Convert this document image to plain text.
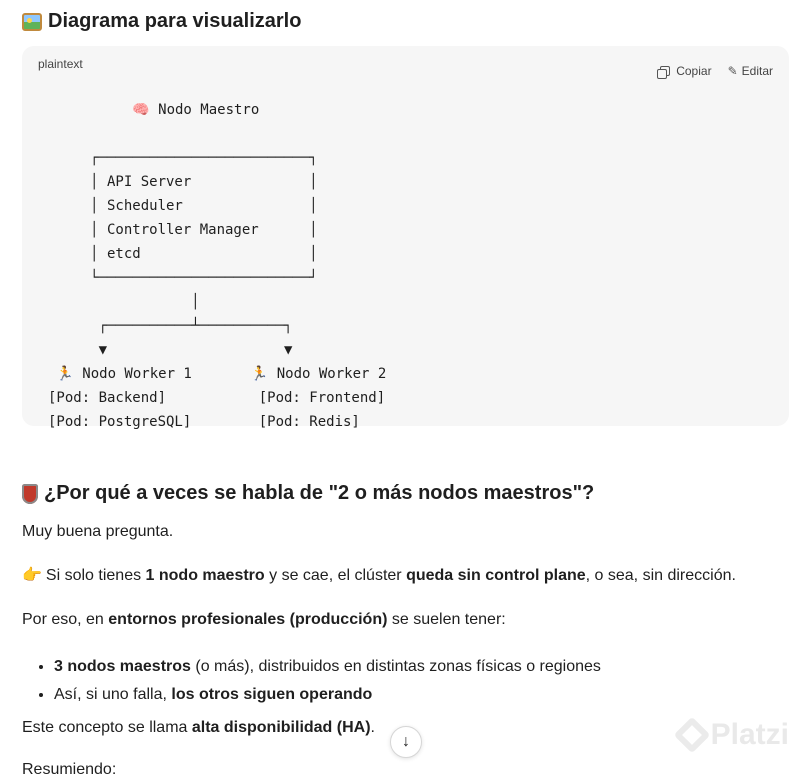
Diagrama para visualizarlo
plaintext	Copiar ✎ Editar
🧠 Nodo Maestro

┌─────────────────────────┐
│ API Server              │
│ Scheduler               │
│ Controller Manager      │
│ etcd                    │
└─────────────────────────┘
│
┌──────────┴──────────┐
▼                     ▼
🏃 Nodo Worker 1       🏃 Nodo Worker 2
[Pod: Backend]           [Pod: Frontend]
[Pod: PostgreSQL]        [Pod: Redis]
¿Por qué a veces se habla de "2 o más nodos maestros"?

Muy buena pregunta.

👉 Si solo tienes 1 nodo maestro y se cae, el clúster queda sin control plane, o sea, sin dirección.

Por eso, en entornos profesionales (producción) se suelen tener:

• 3 nodos maestros (o más), distribuidos en distintas zonas físicas o regiones
• Así, si uno falla, los otros siguen operando

Este concepto se llama alta disponibilidad (HA).

Resumiendo:

↓	Platzi
